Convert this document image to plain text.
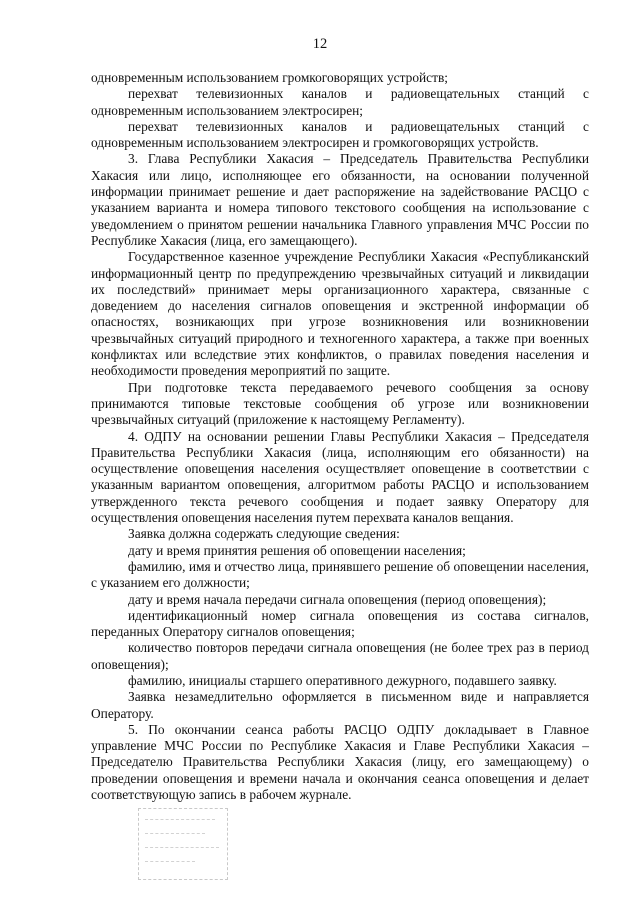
12

одновременным использованием громкоговорящих устройств;

перехват телевизионных каналов и радиовещательных станций с одновременным использованием электросирен;

перехват телевизионных каналов и радиовещательных станций с одновременным использованием электросирен и громкоговорящих устройств.

3. Глава Республики Хакасия – Председатель Правительства Республики Хакасия или лицо, исполняющее его обязанности, на основании полученной информации принимает решение и дает распоряжение на задействование РАСЦО с указанием варианта и номера типового текстового сообщения на использование с уведомлением о принятом решении начальника Главного управления МЧС России по Республике Хакасия (лица, его замещающего).

Государственное казенное учреждение Республики Хакасия «Республиканский информационный центр по предупреждению чрезвычайных ситуаций и ликвидации их последствий» принимает меры организационного характера, связанные с доведением до населения сигналов оповещения и экстренной информации об опасностях, возникающих при угрозе возникновения или возникновении чрезвычайных ситуаций природного и техногенного характера, а также при военных конфликтах или вследствие этих конфликтов, о правилах поведения населения и необходимости проведения мероприятий по защите.

При подготовке текста передаваемого речевого сообщения за основу принимаются типовые текстовые сообщения об угрозе или возникновении чрезвычайных ситуаций (приложение к настоящему Регламенту).

4. ОДПУ на основании решении Главы Республики Хакасия – Председателя Правительства Республики Хакасия (лица, исполняющим его обязанности) на осуществление оповещения населения осуществляет оповещение в соответствии с указанным вариантом оповещения, алгоритмом работы РАСЦО и использованием утвержденного текста речевого сообщения и подает заявку Оператору для осуществления оповещения населения путем перехвата каналов вещания.

Заявка должна содержать следующие сведения:

дату и время принятия решения об оповещении населения;

фамилию, имя и отчество лица, принявшего решение об оповещении населения, с указанием его должности;

дату и время начала передачи сигнала оповещения (период оповещения);

идентификационный номер сигнала оповещения из состава сигналов, переданных Оператору сигналов оповещения;

количество повторов передачи сигнала оповещения (не более трех раз в период оповещения);

фамилию, инициалы старшего оперативного дежурного, подавшего заявку.

Заявка незамедлительно оформляется в письменном виде и направляется Оператору.

5. По окончании сеанса работы РАСЦО ОДПУ докладывает в Главное управление МЧС России по Республике Хакасия и Главе Республики Хакасия – Председателю Правительства Республики Хакасия (лицу, его замещающему) о проведении оповещения и времени начала и окончания сеанса оповещения и делает соответствующую запись в рабочем журнале.
